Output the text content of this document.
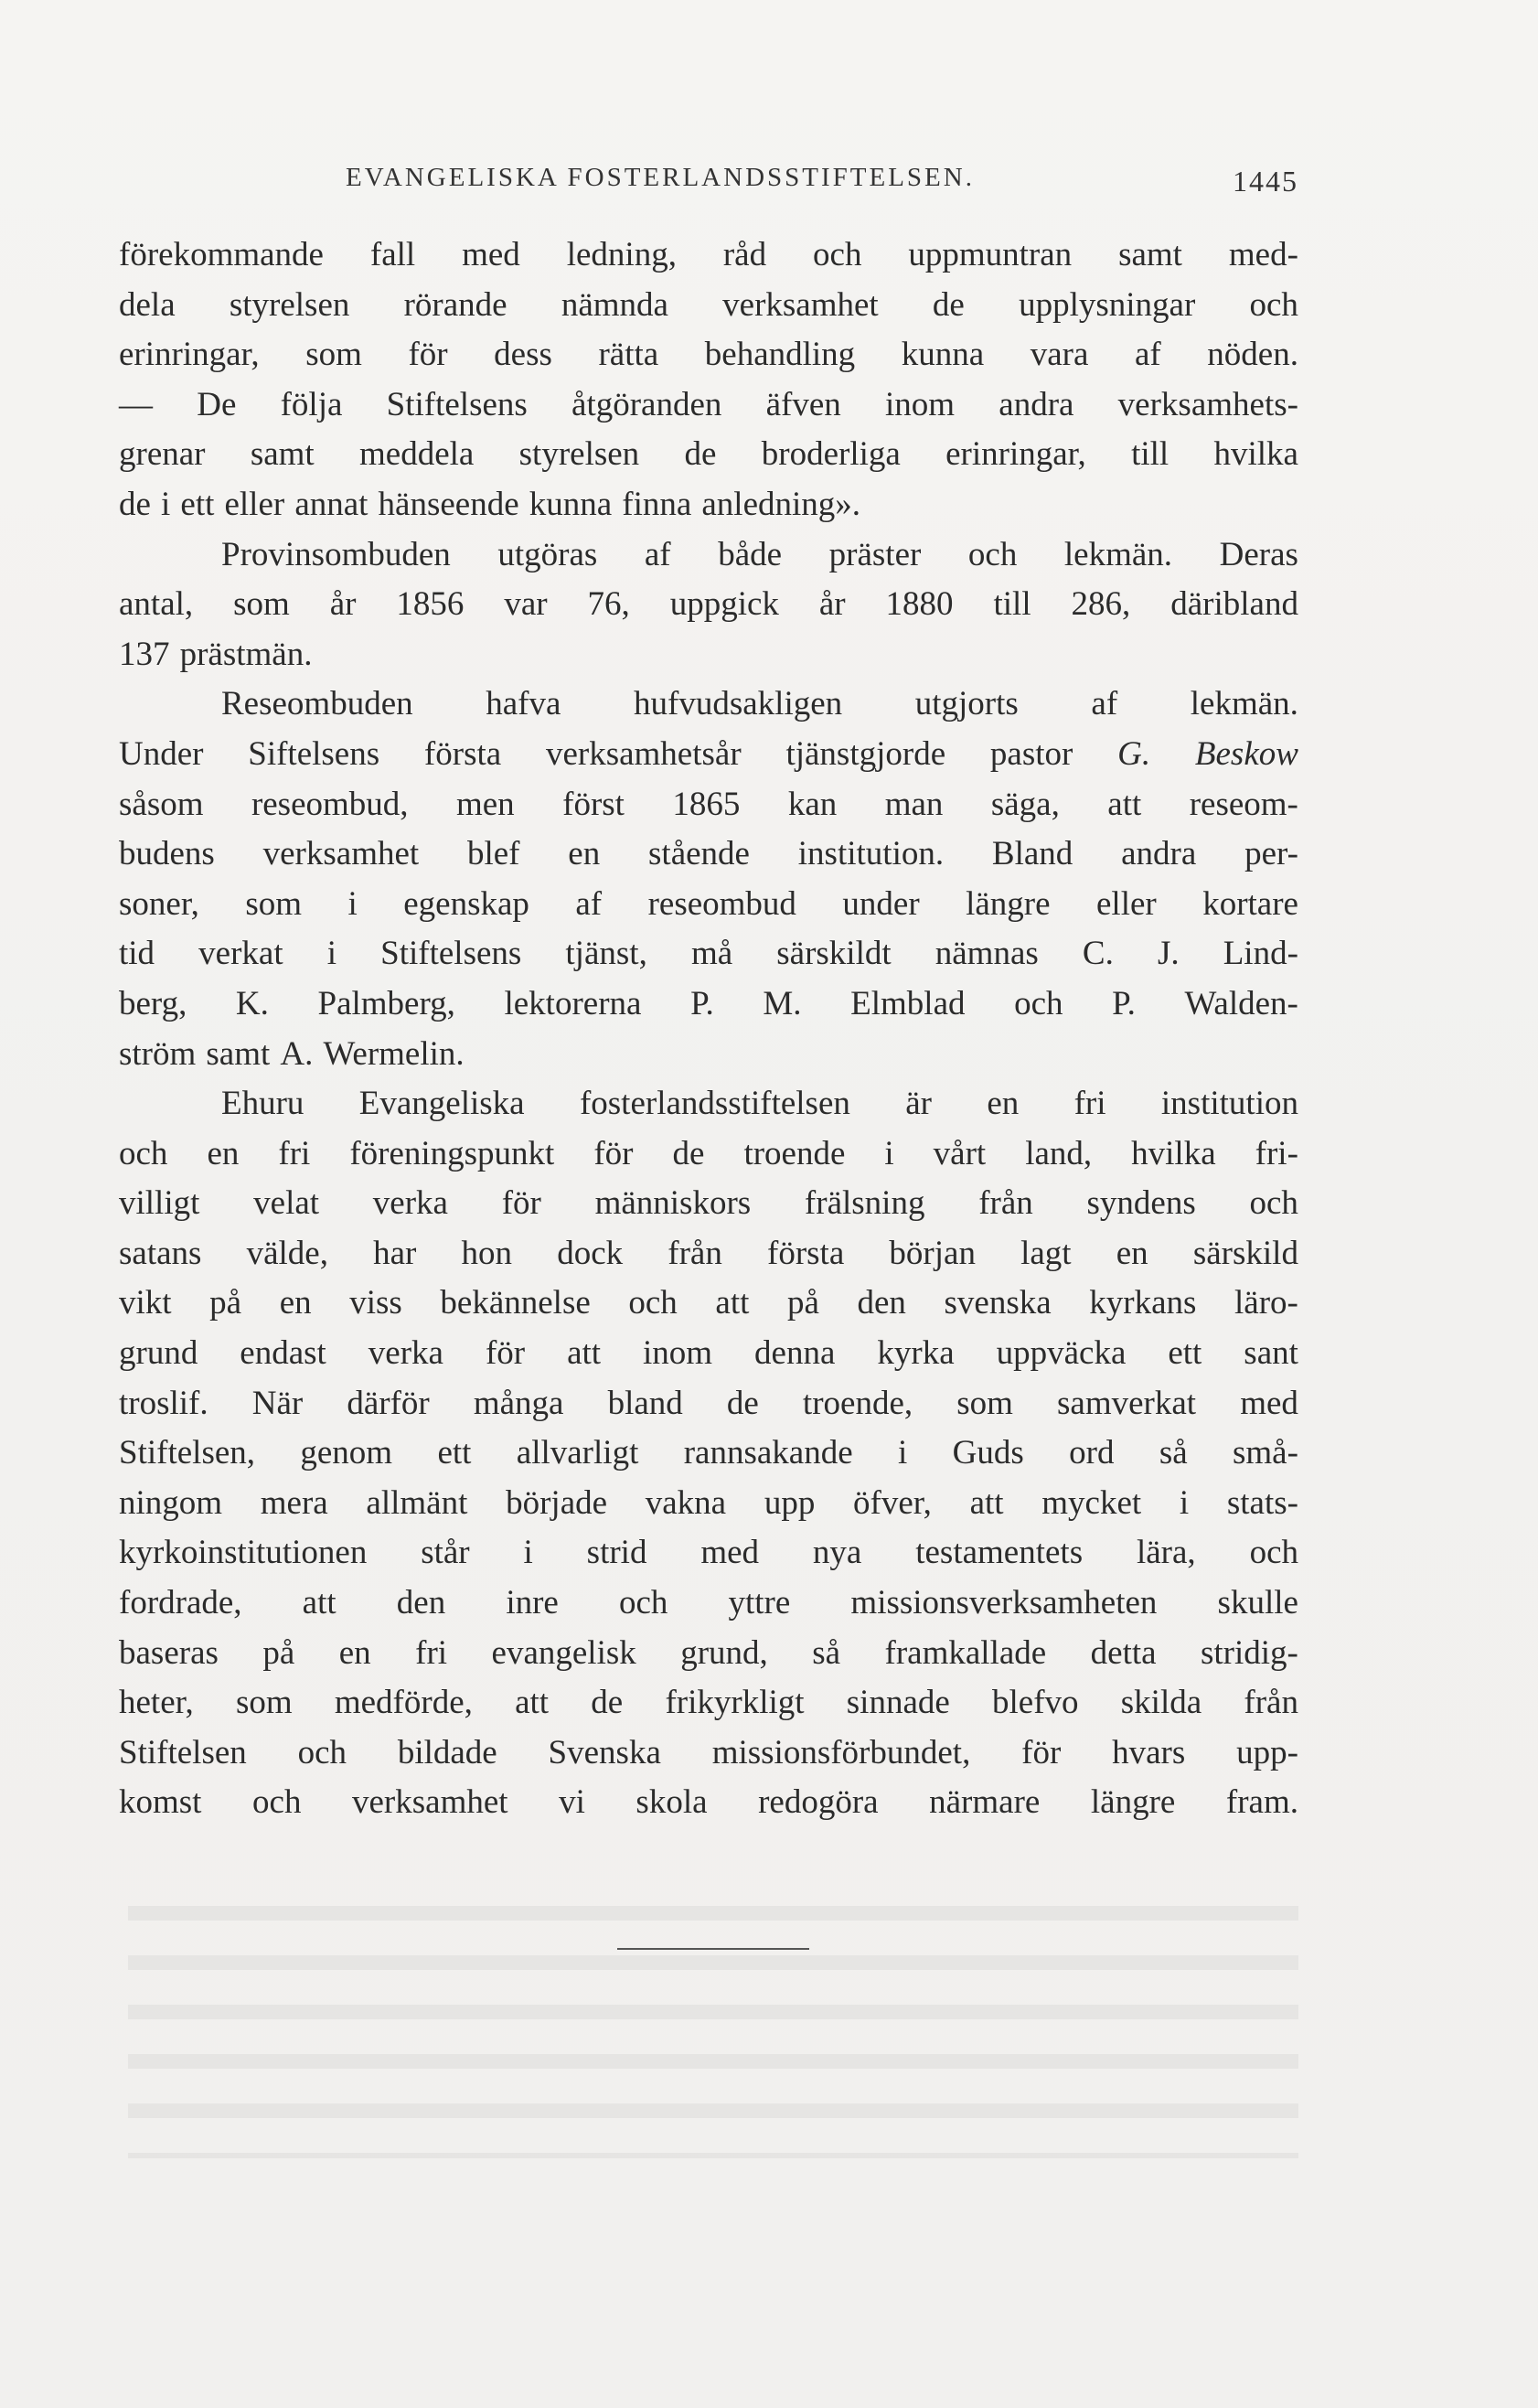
EVANGELISKA FOSTERLANDSSTIFTELSEN.	1445
förekommande fall med ledning, råd och uppmuntran samt med-
dela styrelsen rörande nämnda verksamhet de upplysningar och
erinringar, som för dess rätta behandling kunna vara af nöden.
— De följa Stiftelsens åtgöranden äfven inom andra verksamhets-
grenar samt meddela styrelsen de broderliga erinringar, till hvilka
de i ett eller annat hänseende kunna finna anledning».
Provinsombuden utgöras af både präster och lekmän. Deras
antal, som år 1856 var 76, uppgick år 1880 till 286, däribland
137 prästmän.
Reseombuden hafva hufvudsakligen utgjorts af lekmän.
Under Siftelsens första verksamhetsår tjänstgjorde pastor G. Beskow
såsom reseombud, men först 1865 kan man säga, att reseom-
budens verksamhet blef en stående institution. Bland andra per-
soner, som i egenskap af reseombud under längre eller kortare
tid verkat i Stiftelsens tjänst, må särskildt nämnas C. J. Lind-
berg, K. Palmberg, lektorerna P. M. Elmblad och P. Walden-
ström samt A. Wermelin.
Ehuru Evangeliska fosterlandsstiftelsen är en fri institution
och en fri föreningspunkt för de troende i vårt land, hvilka fri-
villigt velat verka för människors frälsning från syndens och
satans välde, har hon dock från första början lagt en särskild
vikt på en viss bekännelse och att på den svenska kyrkans läro-
grund endast verka för att inom denna kyrka uppväcka ett sant
troslif. När därför många bland de troende, som samverkat med
Stiftelsen, genom ett allvarligt rannsakande i Guds ord så små-
ningom mera allmänt började vakna upp öfver, att mycket i stats-
kyrkoinstitutionen står i strid med nya testamentets lära, och
fordrade, att den inre och yttre missionsverksamheten skulle
baseras på en fri evangelisk grund, så framkallade detta stridig-
heter, som medförde, att de frikyrkligt sinnade blefvo skilda från
Stiftelsen och bildade Svenska missionsförbundet, för hvars upp-
komst och verksamhet vi skola redogöra närmare längre fram.
